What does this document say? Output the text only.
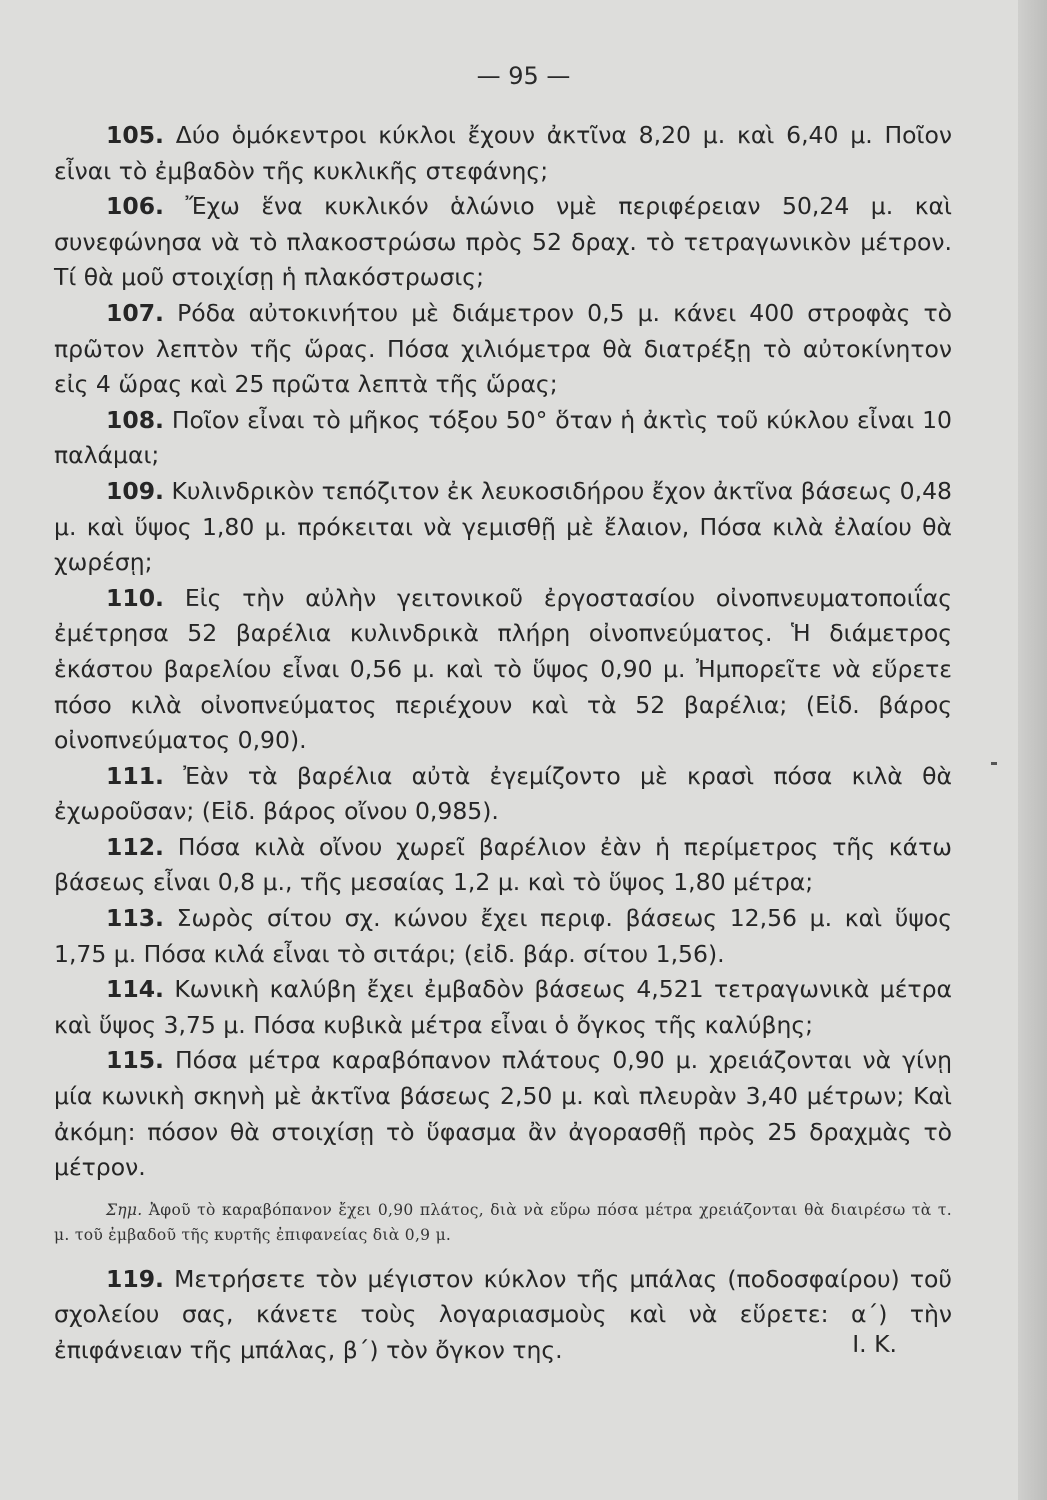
— 95 —

105. Δύο ὁμόκεντροι κύκλοι ἔχουν ἀκτῖνα 8,20 μ. καὶ 6,40 μ. Ποῖον εἶναι τὸ ἐμβαδὸν τῆς κυκλικῆς στεφάνης;

106. Ἔχω ἕνα κυκλικόν ἁλώνιο νμὲ περιφέρειαν 50,24 μ. καὶ συνεφώνησα νὰ τὸ πλακοστρώσω πρὸς 52 δραχ. τὸ τετραγωνικὸν μέτρον. Τί θὰ μοῦ στοιχίσῃ ἡ πλακόστρωσις;

107. Ρόδα αὐτοκινήτου μὲ διάμετρον 0,5 μ. κάνει 400 στροφὰς τὸ πρῶτον λεπτὸν τῆς ὥρας. Πόσα χιλιόμετρα θὰ διατρέξῃ τὸ αὐτοκίνητον εἰς 4 ὥρας καὶ 25 πρῶτα λεπτὰ τῆς ὥρας;

108. Ποῖον εἶναι τὸ μῆκος τόξου 50° ὅταν ἡ ἀκτὶς τοῦ κύκλου εἶναι 10 παλάμαι;

109. Κυλινδρικὸν τεπόζιτον ἐκ λευκοσιδήρου ἔχον ἀκτῖνα βάσεως 0,48 μ. καὶ ὕψος 1,80 μ. πρόκειται νὰ γεμισθῇ μὲ ἔλαιον, Πόσα κιλὰ ἐλαίου θὰ χωρέσῃ;

110. Εἰς τὴν αὐλὴν γειτονικοῦ ἐργοστασίου οἰνοπνευματοποιΐας ἐμέτρησα 52 βαρέλια κυλινδρικὰ πλήρη οἰνοπνεύματος. Ἡ διάμετρος ἑκάστου βαρελίου εἶναι 0,56 μ. καὶ τὸ ὕψος 0,90 μ. Ἠμπορεῖτε νὰ εὕρετε πόσο κιλὰ οἰνοπνεύματος περιέχουν καὶ τὰ 52 βαρέλια; (Εἰδ. βάρος οἰνοπνεύματος 0,90).

111. Ἐὰν τὰ βαρέλια αὐτὰ ἐγεμίζοντο μὲ κρασὶ πόσα κιλὰ θὰ ἐχωροῦσαν; (Εἰδ. βάρος οἴνου 0,985).

112. Πόσα κιλὰ οἴνου χωρεῖ βαρέλιον ἐὰν ἡ περίμετρος τῆς κάτω βάσεως εἶναι 0,8 μ., τῆς μεσαίας 1,2 μ. καὶ τὸ ὕψος 1,80 μέτρα;

113. Σωρὸς σίτου σχ. κώνου ἔχει περιφ. βάσεως 12,56 μ. καὶ ὕψος 1,75 μ. Πόσα κιλά εἶναι τὸ σιτάρι; (εἰδ. βάρ. σίτου 1,56).

114. Κωνικὴ καλύβη ἔχει ἐμβαδὸν βάσεως 4,521 τετραγωνικὰ μέτρα καὶ ὕψος 3,75 μ. Πόσα κυβικὰ μέτρα εἶναι ὁ ὄγκος τῆς καλύβης;

115. Πόσα μέτρα καραβόπανον πλάτους 0,90 μ. χρειάζονται νὰ γίνῃ μία κωνικὴ σκηνὴ μὲ ἀκτῖνα βάσεως 2,50 μ. καὶ πλευρὰν 3,40 μέτρων; Καὶ ἀκόμη: πόσον θὰ στοιχίσῃ τὸ ὕφασμα ἂν ἀγορασθῇ πρὸς 25 δραχμὰς τὸ μέτρον.

Σημ. Ἀφοῦ τὸ καραβόπανον ἔχει 0,90 πλάτος, διὰ νὰ εὕρω πόσα μέτρα χρειάζονται θὰ διαιρέσω τὰ τ. μ. τοῦ ἐμβαδοῦ τῆς κυρτῆς ἐπιφανείας διὰ 0,9 μ.

119. Μετρήσετε τὸν μέγιστον κύκλον τῆς μπάλας (ποδοσφαίρου) τοῦ σχολείου σας, κάνετε τοὺς λογαριασμοὺς καὶ νὰ εὕρετε: α΄) τὴν ἐπιφάνειαν τῆς μπάλας, β΄) τὸν ὄγκον της.	Ι. Κ.
